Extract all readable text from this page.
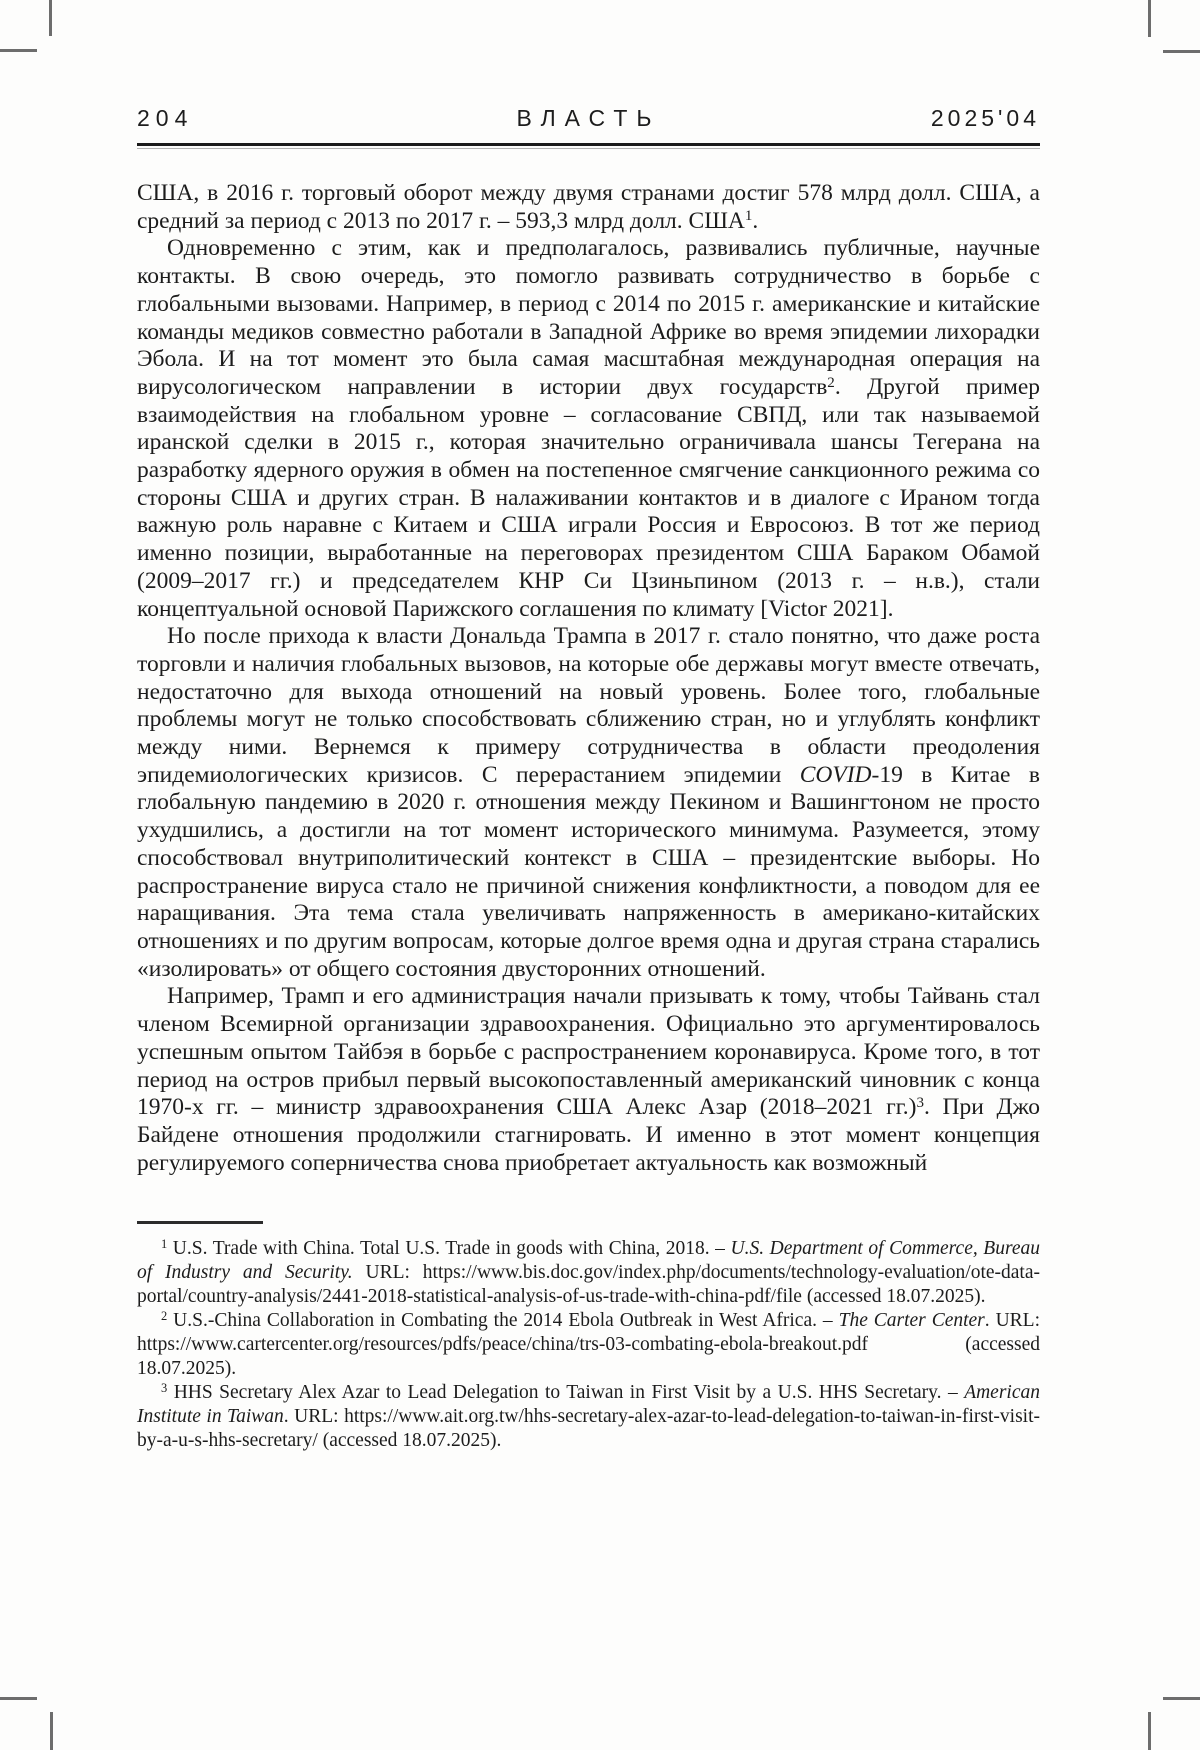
204	ВЛАСТЬ	2025'04

США, в 2016 г. торговый оборот между двумя странами достиг 578 млрд долл. США, а средний за период с 2013 по 2017 г. – 593,3 млрд долл. США$^1$.

Одновременно с этим, как и предполагалось, развивались публичные, научные контакты. В свою очередь, это помогло развивать сотрудничество в борьбе с глобальными вызовами. Например, в период с 2014 по 2015 г. американские и китайские команды медиков совместно работали в Западной Африке во время эпидемии лихорадки Эбола. И на тот момент это была самая масштабная международная операция на вирусологическом направлении в истории двух государств$^2$. Другой пример взаимодействия на глобальном уровне – согласование СВПД, или так называемой иранской сделки в 2015 г., которая значительно ограничивала шансы Тегерана на разработку ядерного оружия в обмен на постепенное смягчение санкционного режима со стороны США и других стран. В налаживании контактов и в диалоге с Ираном тогда важную роль наравне с Китаем и США играли Россия и Евросоюз. В тот же период именно позиции, выработанные на переговорах президентом США Бараком Обамой (2009–2017 гг.) и председателем КНР Си Цзиньпином (2013 г. – н.в.), стали концептуальной основой Парижского соглашения по климату [Victor 2021].

Но после прихода к власти Дональда Трампа в 2017 г. стало понятно, что даже роста торговли и наличия глобальных вызовов, на которые обе державы могут вместе отвечать, недостаточно для выхода отношений на новый уровень. Более того, глобальные проблемы могут не только способствовать сближению стран, но и углублять конфликт между ними. Вернемся к примеру сотрудничества в области преодоления эпидемиологических кризисов. С перерастанием эпидемии COVID-19 в Китае в глобальную пандемию в 2020 г. отношения между Пекином и Вашингтоном не просто ухудшились, а достигли на тот момент исторического минимума. Разумеется, этому способствовал внутриполитический контекст в США – президентские выборы. Но распространение вируса стало не причиной снижения конфликтности, а поводом для ее наращивания. Эта тема стала увеличивать напряженность в американо-китайских отношениях и по другим вопросам, которые долгое время одна и другая страна старались «изолировать» от общего состояния двусторонних отношений.

Например, Трамп и его администрация начали призывать к тому, чтобы Тайвань стал членом Всемирной организации здравоохранения. Официально это аргументировалось успешным опытом Тайбэя в борьбе с распространением коронавируса. Кроме того, в тот период на остров прибыл первый высокопоставленный американский чиновник с конца 1970-х гг. – министр здравоохранения США Алекс Азар (2018–2021 гг.)$^3$. При Джо Байдене отношения продолжили стагнировать. И именно в этот момент концепция регулируемого соперничества снова приобретает актуальность как возможный

$^1$ U.S. Trade with China. Total U.S. Trade in goods with China, 2018. – U.S. Department of Commerce, Bureau of Industry and Security. URL: https://www.bis.doc.gov/index.php/documents/technology-evaluation/ote-data-portal/country-analysis/2441-2018-statistical-analysis-of-us-trade-with-china-pdf/file (accessed 18.07.2025).

$^2$ U.S.-China Collaboration in Combating the 2014 Ebola Outbreak in West Africa. – The Carter Center. URL: https://www.cartercenter.org/resources/pdfs/peace/china/trs-03-combating-ebola-breakout.pdf (accessed 18.07.2025).

$^3$ HHS Secretary Alex Azar to Lead Delegation to Taiwan in First Visit by a U.S. HHS Secretary. – American Institute in Taiwan. URL: https://www.ait.org.tw/hhs-secretary-alex-azar-to-lead-delegation-to-taiwan-in-first-visit-by-a-u-s-hhs-secretary/ (accessed 18.07.2025).
